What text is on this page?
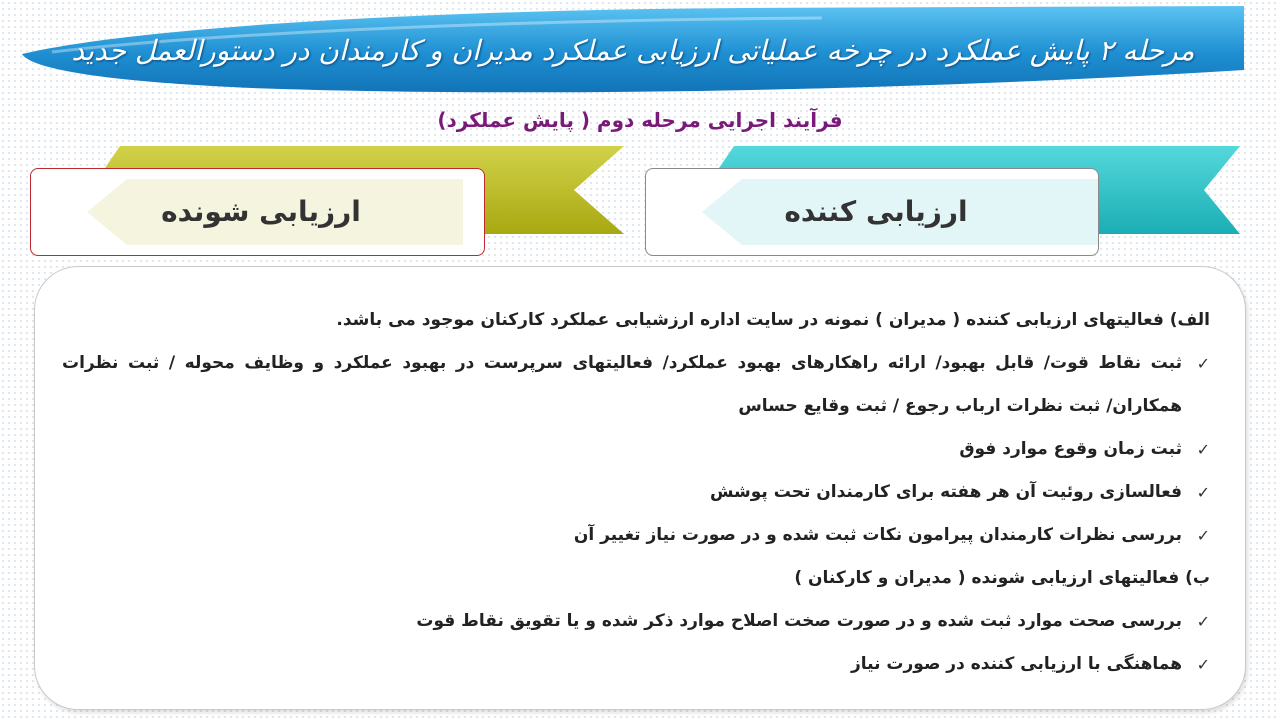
مرحله ۲ پایش عملکرد در چرخه عملیاتی ارزیابی عملکرد مدیران و کارمندان در دستورالعمل جدید
فرآیند اجرایی مرحله دوم ( پایش عملکرد)
ارزیابی شونده	ارزیابی کننده
الف) فعالیتهای ارزیابی کننده ( مدیران ) نمونه در سایت اداره ارزشیابی عملکرد کارکنان موجود می باشد.
✓
ثبت نقاط قوت/ قابل بهبود/ ارائه راهکارهای بهبود عملکرد/ فعالیتهای سرپرست در بهبود عملکرد و وظایف محوله / ثبت نظرات
همکاران/ ثبت نظرات ارباب رجوع / ثبت وقایع حساس
✓
ثبت زمان وقوع موارد فوق
✓
فعالسازی روئیت آن هر هفته برای کارمندان تحت پوشش
✓
بررسی نظرات کارمندان پیرامون نکات ثبت شده و در صورت نیاز تغییر آن
ب) فعالیتهای ارزیابی شونده ( مدیران و کارکنان )
✓
بررسی صحت موارد ثبت شده و در صورت صخت اصلاح موارد ذکر شده و یا تقویق نقاط قوت
✓
هماهنگی با ارزیابی کننده در صورت نیاز
